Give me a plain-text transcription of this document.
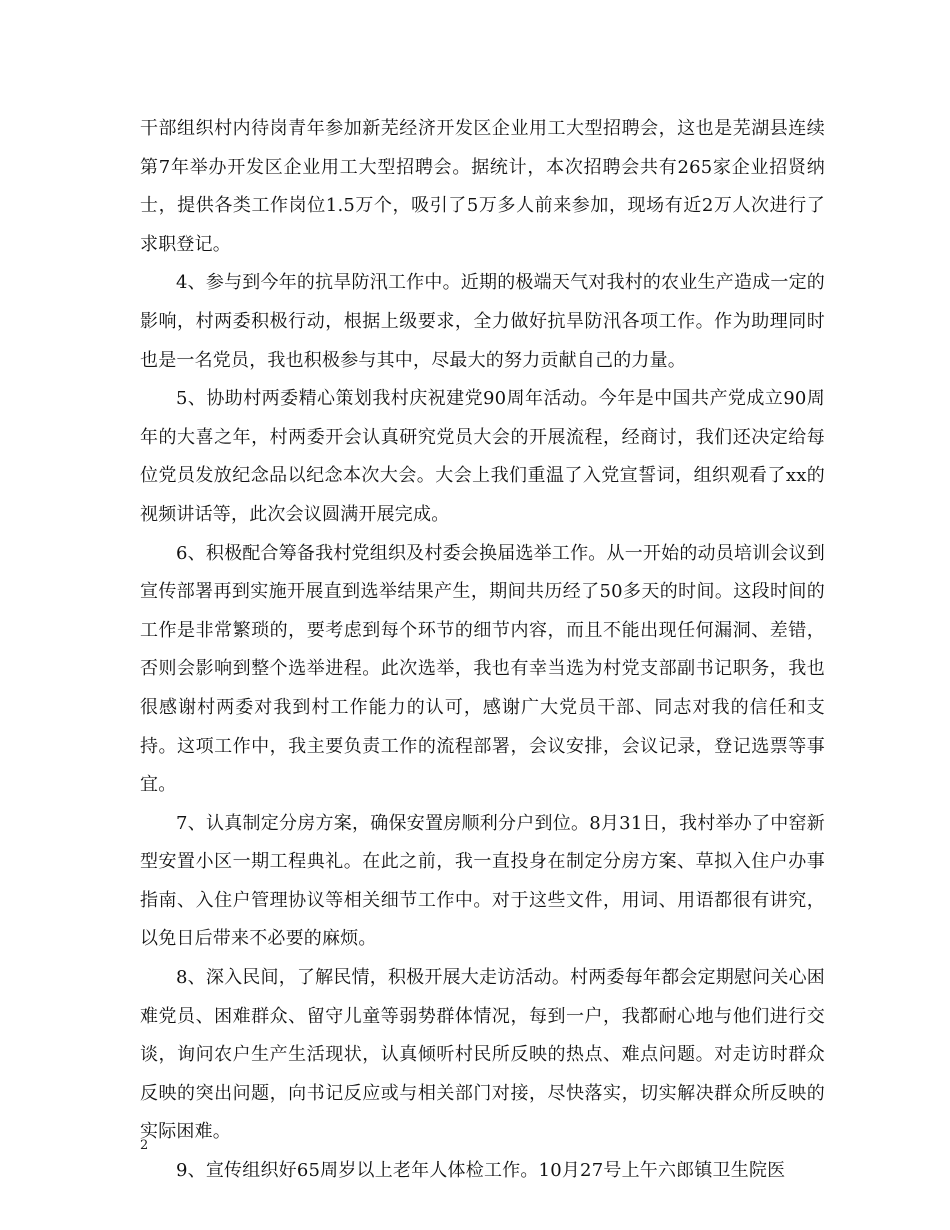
干部组织村内待岗青年参加新芜经济开发区企业用工大型招聘会，这也是芜湖县连续第7年举办开发区企业用工大型招聘会。据统计，本次招聘会共有265家企业招贤纳士，提供各类工作岗位1.5万个，吸引了5万多人前来参加，现场有近2万人次进行了求职登记。

4、参与到今年的抗旱防汛工作中。近期的极端天气对我村的农业生产造成一定的影响，村两委积极行动，根据上级要求，全力做好抗旱防汛各项工作。作为助理同时也是一名党员，我也积极参与其中，尽最大的努力贡献自己的力量。

5、协助村两委精心策划我村庆祝建党90周年活动。今年是中国共产党成立90周年的大喜之年，村两委开会认真研究党员大会的开展流程，经商讨，我们还决定给每位党员发放纪念品以纪念本次大会。大会上我们重温了入党宣誓词，组织观看了xx的视频讲话等，此次会议圆满开展完成。

6、积极配合筹备我村党组织及村委会换届选举工作。从一开始的动员培训会议到宣传部署再到实施开展直到选举结果产生，期间共历经了50多天的时间。这段时间的工作是非常繁琐的，要考虑到每个环节的细节内容，而且不能出现任何漏洞、差错，否则会影响到整个选举进程。此次选举，我也有幸当选为村党支部副书记职务，我也很感谢村两委对我到村工作能力的认可，感谢广大党员干部、同志对我的信任和支持。这项工作中，我主要负责工作的流程部署，会议安排，会议记录，登记选票等事宜。

7、认真制定分房方案，确保安置房顺利分户到位。8月31日，我村举办了中窑新型安置小区一期工程典礼。在此之前，我一直投身在制定分房方案、草拟入住户办事指南、入住户管理协议等相关细节工作中。对于这些文件，用词、用语都很有讲究，以免日后带来不必要的麻烦。

8、深入民间，了解民情，积极开展大走访活动。村两委每年都会定期慰问关心困难党员、困难群众、留守儿童等弱势群体情况，每到一户，我都耐心地与他们进行交谈，询问农户生产生活现状，认真倾听村民所反映的热点、难点问题。对走访时群众反映的突出问题，向书记反应或与相关部门对接，尽快落实，切实解决群众所反映的实际困难。

9、宣传组织好65周岁以上老年人体检工作。10月27号上午六郎镇卫生院医

2
